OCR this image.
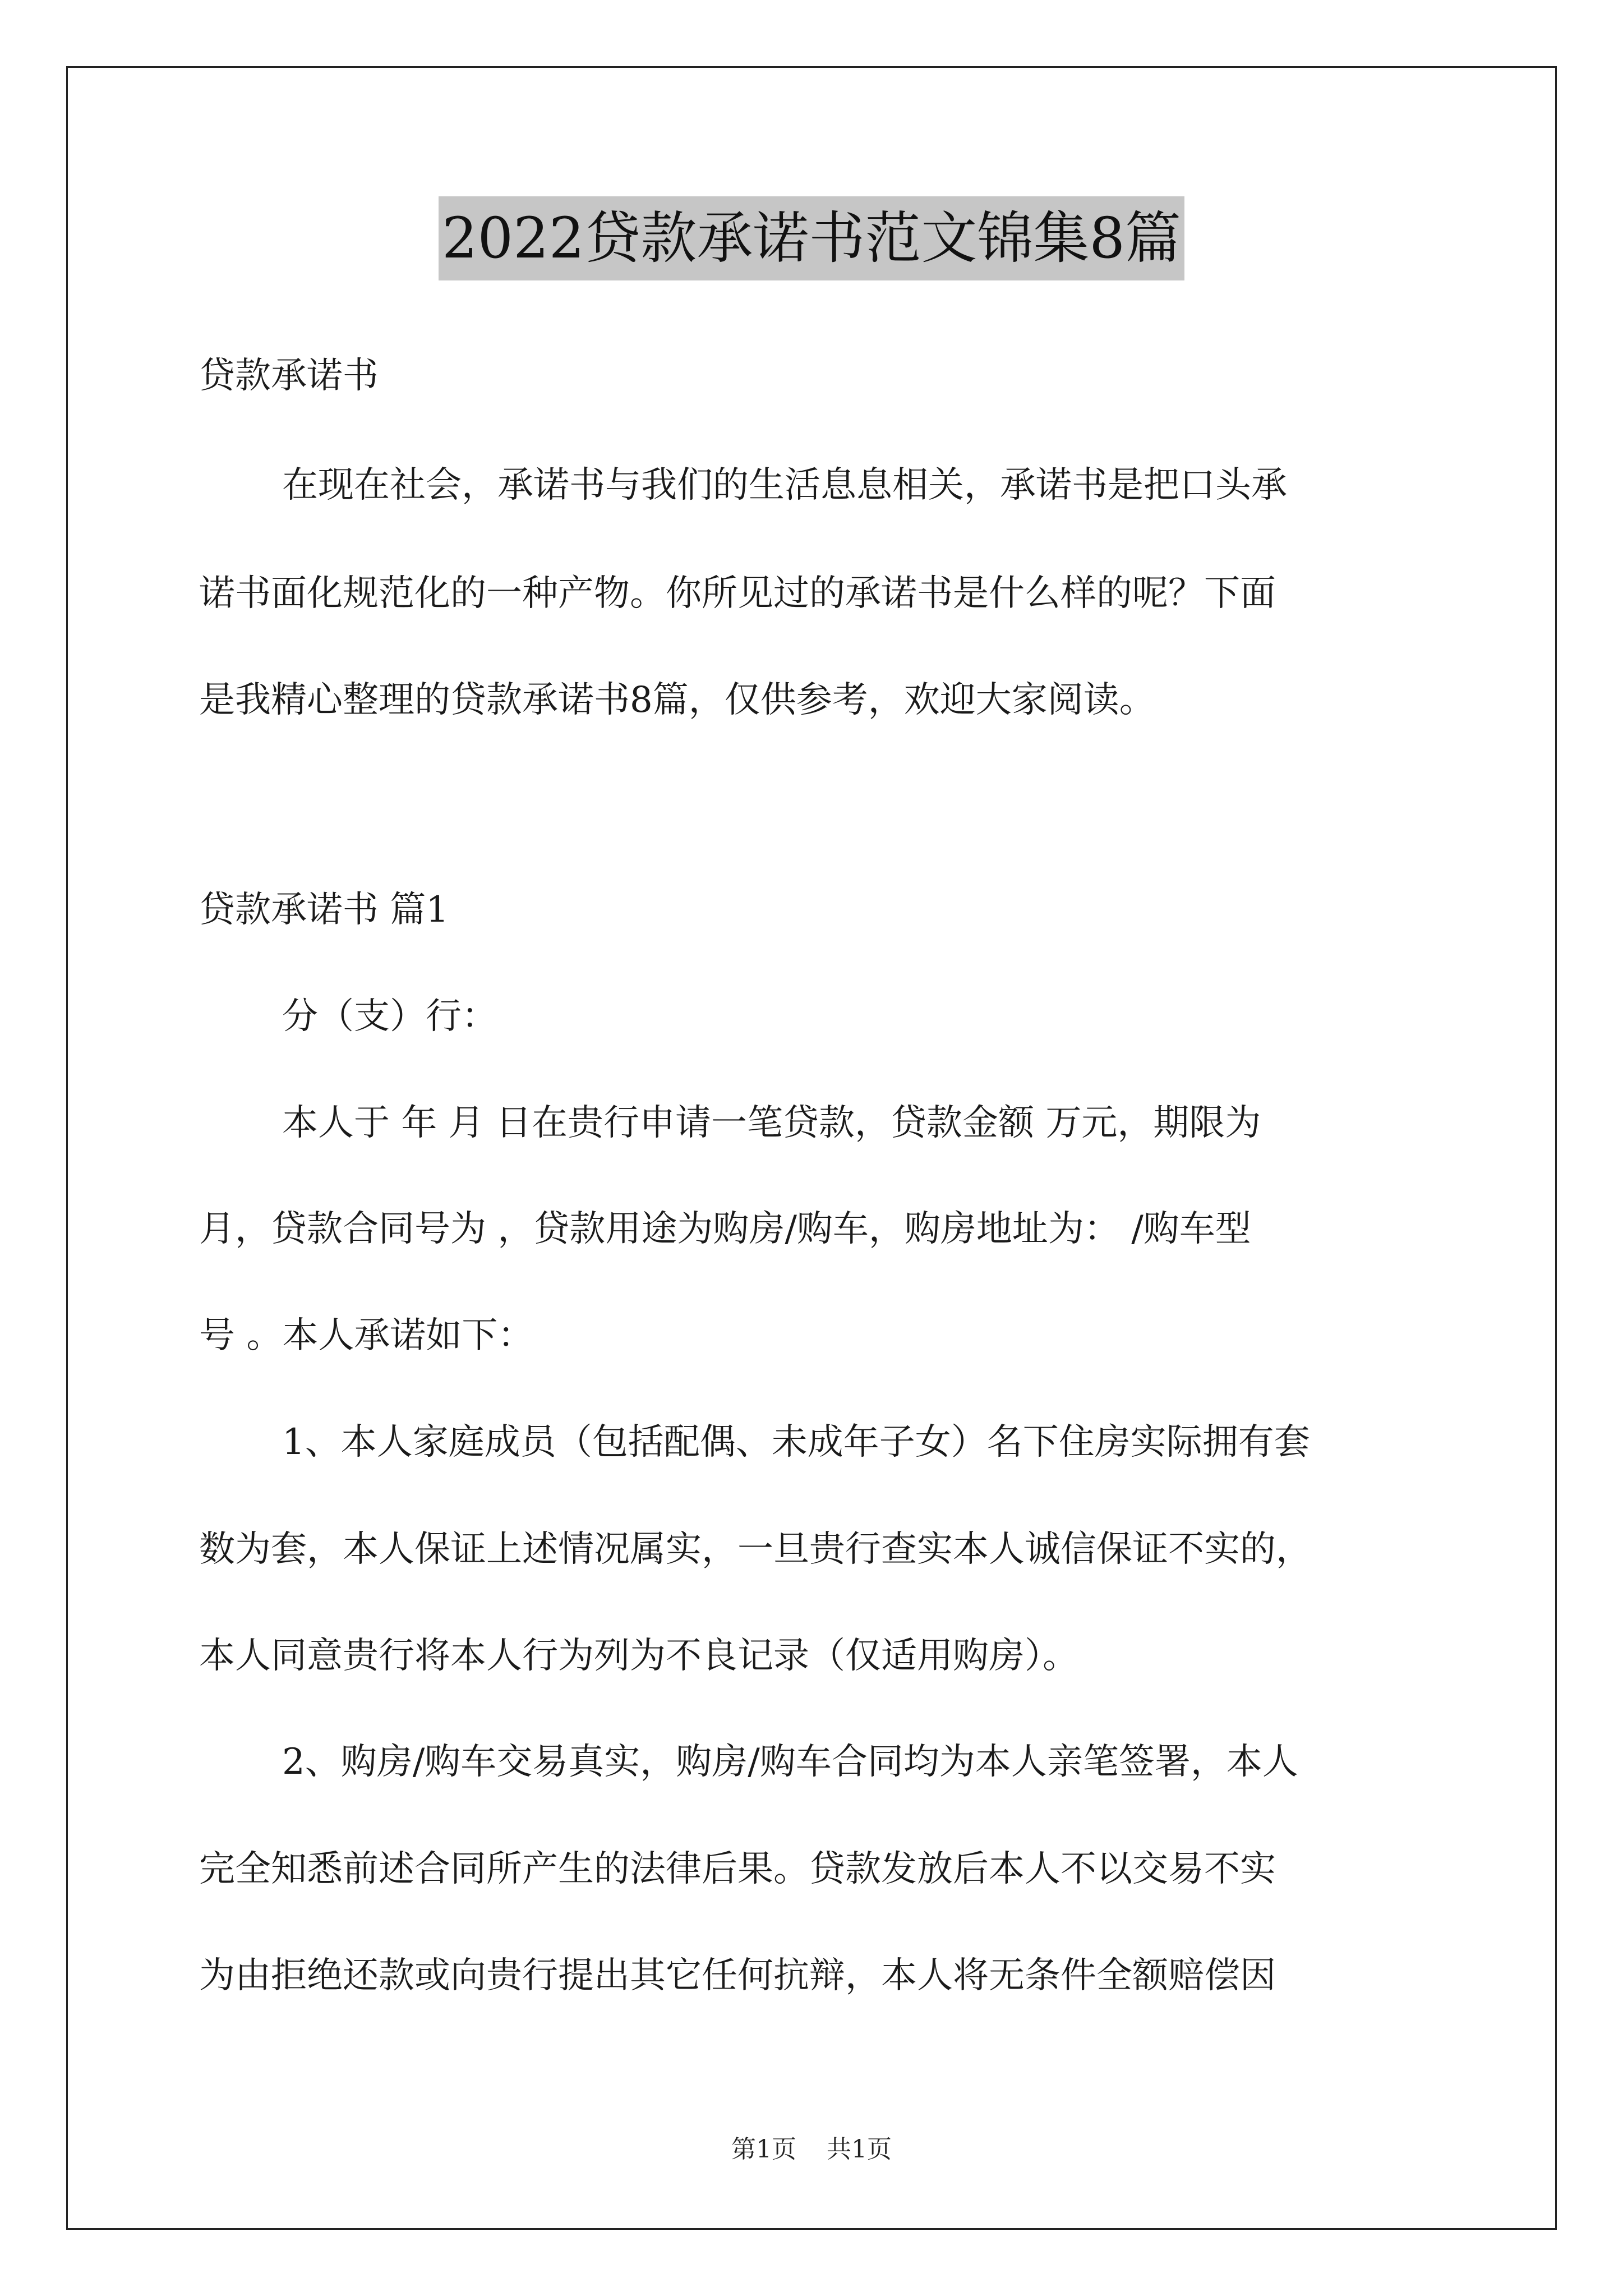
2022贷款承诺书范文锦集8篇
贷款承诺书
在现在社会，承诺书与我们的生活息息相关，承诺书是把口头承
诺书面化规范化的一种产物。你所见过的承诺书是什么样的呢？下面
是我精心整理的贷款承诺书8篇，仅供参考，欢迎大家阅读。
贷款承诺书 篇1
分（支）行：
本人于 年 月 日在贵行申请一笔贷款，贷款金额 万元，期限为
月，贷款合同号为 ，贷款用途为购房/购车，购房地址为： /购车型
号 。本人承诺如下：
1、本人家庭成员（包括配偶、未成年子女）名下住房实际拥有套
数为套，本人保证上述情况属实，一旦贵行查实本人诚信保证不实的，
本人同意贵行将本人行为列为不良记录（仅适用购房）。
2、购房/购车交易真实，购房/购车合同均为本人亲笔签署，本人
完全知悉前述合同所产生的法律后果。贷款发放后本人不以交易不实
为由拒绝还款或向贵行提出其它任何抗辩，本人将无条件全额赔偿因
第1页 共1页
